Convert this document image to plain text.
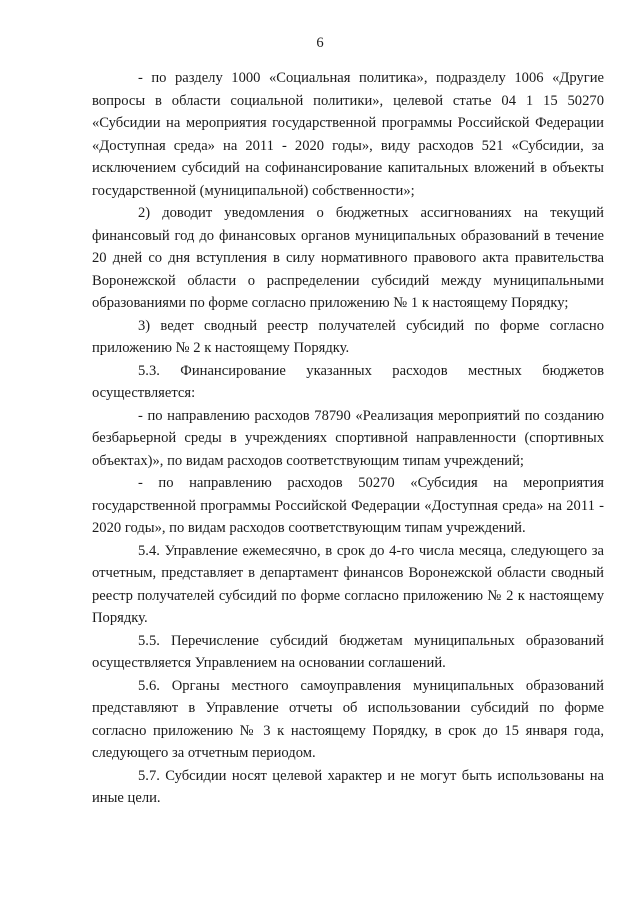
6

- по разделу 1000 «Социальная политика», подразделу 1006 «Другие вопросы в области социальной политики», целевой статье 04 1 15 50270 «Субсидии на мероприятия государственной программы Российской Федерации «Доступная среда» на 2011 - 2020 годы», виду расходов 521 «Субсидии, за исключением субсидий на софинансирование капитальных вложений в объекты государственной (муниципальной) собственности»;

2) доводит уведомления о бюджетных ассигнованиях на текущий финансовый год до финансовых органов муниципальных образований в течение 20 дней со дня вступления в силу нормативного правового акта правительства Воронежской области о распределении субсидий между муниципальными образованиями по форме согласно приложению № 1 к настоящему Порядку;

3) ведет сводный реестр получателей субсидий по форме согласно приложению № 2 к настоящему Порядку.

5.3. Финансирование указанных расходов местных бюджетов осуществляется:

- по направлению расходов 78790 «Реализация мероприятий по созданию безбарьерной среды в учреждениях спортивной направленности (спортивных объектах)», по видам расходов соответствующим типам учреждений;

- по направлению расходов 50270 «Субсидия на мероприятия государственной программы Российской Федерации «Доступная среда» на 2011 - 2020 годы», по видам расходов соответствующим типам учреждений.

5.4. Управление ежемесячно, в срок до 4-го числа месяца, следующего за отчетным, представляет в департамент финансов Воронежской области сводный реестр получателей субсидий по форме согласно приложению № 2 к настоящему Порядку.

5.5. Перечисление субсидий бюджетам муниципальных образований осуществляется Управлением на основании соглашений.

5.6. Органы местного самоуправления муниципальных образований представляют в Управление отчеты об использовании субсидий по форме согласно приложению № 3 к настоящему Порядку, в срок до 15 января года, следующего за отчетным периодом.

5.7. Субсидии носят целевой характер и не могут быть использованы на иные цели.
